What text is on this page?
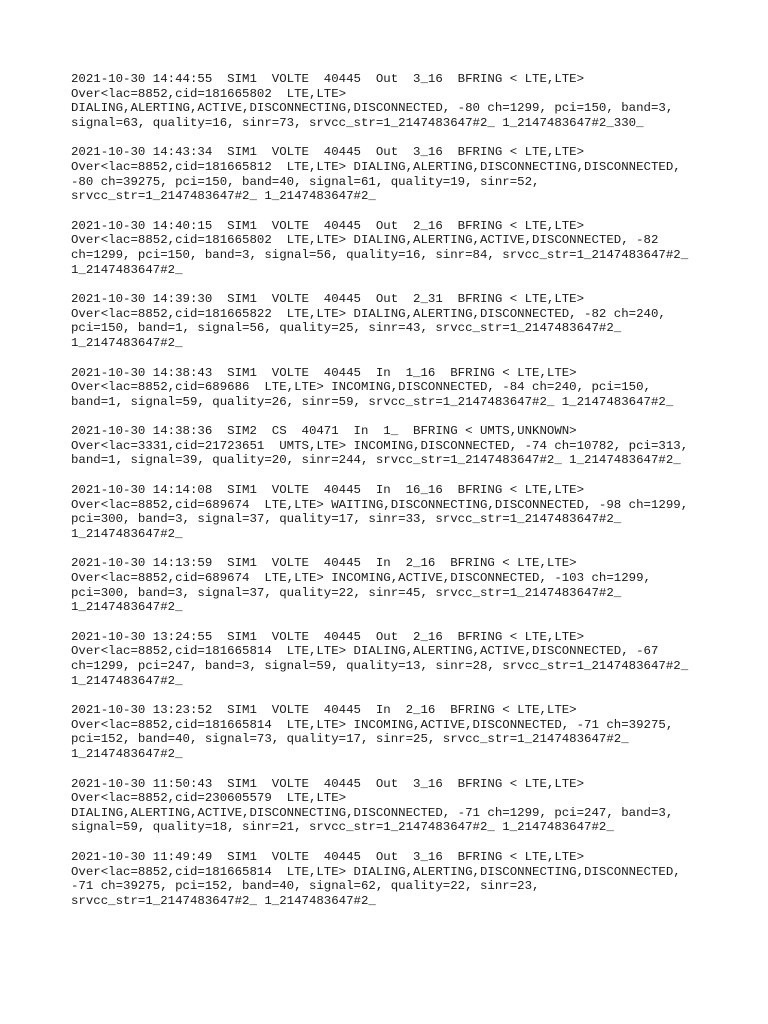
2021-10-30 14:44:55  SIM1  VOLTE  40445  Out  3_16  BFRING < LTE,LTE>
Over<lac=8852,cid=181665802  LTE,LTE>
DIALING,ALERTING,ACTIVE,DISCONNECTING,DISCONNECTED, -80 ch=1299, pci=150, band=3,
signal=63, quality=16, sinr=73, srvcc_str=1_2147483647#2_ 1_2147483647#2_330_
2021-10-30 14:43:34  SIM1  VOLTE  40445  Out  3_16  BFRING < LTE,LTE>
Over<lac=8852,cid=181665812  LTE,LTE> DIALING,ALERTING,DISCONNECTING,DISCONNECTED,
-80 ch=39275, pci=150, band=40, signal=61, quality=19, sinr=52,
srvcc_str=1_2147483647#2_ 1_2147483647#2_
2021-10-30 14:40:15  SIM1  VOLTE  40445  Out  2_16  BFRING < LTE,LTE>
Over<lac=8852,cid=181665802  LTE,LTE> DIALING,ALERTING,ACTIVE,DISCONNECTED, -82
ch=1299, pci=150, band=3, signal=56, quality=16, sinr=84, srvcc_str=1_2147483647#2_
1_2147483647#2_
2021-10-30 14:39:30  SIM1  VOLTE  40445  Out  2_31  BFRING < LTE,LTE>
Over<lac=8852,cid=181665822  LTE,LTE> DIALING,ALERTING,DISCONNECTED, -82 ch=240,
pci=150, band=1, signal=56, quality=25, sinr=43, srvcc_str=1_2147483647#2_
1_2147483647#2_
2021-10-30 14:38:43  SIM1  VOLTE  40445  In  1_16  BFRING < LTE,LTE>
Over<lac=8852,cid=689686  LTE,LTE> INCOMING,DISCONNECTED, -84 ch=240, pci=150,
band=1, signal=59, quality=26, sinr=59, srvcc_str=1_2147483647#2_ 1_2147483647#2_
2021-10-30 14:38:36  SIM2  CS  40471  In  1_  BFRING < UMTS,UNKNOWN>
Over<lac=3331,cid=21723651  UMTS,LTE> INCOMING,DISCONNECTED, -74 ch=10782, pci=313,
band=1, signal=39, quality=20, sinr=244, srvcc_str=1_2147483647#2_ 1_2147483647#2_
2021-10-30 14:14:08  SIM1  VOLTE  40445  In  16_16  BFRING < LTE,LTE>
Over<lac=8852,cid=689674  LTE,LTE> WAITING,DISCONNECTING,DISCONNECTED, -98 ch=1299,
pci=300, band=3, signal=37, quality=17, sinr=33, srvcc_str=1_2147483647#2_
1_2147483647#2_
2021-10-30 14:13:59  SIM1  VOLTE  40445  In  2_16  BFRING < LTE,LTE>
Over<lac=8852,cid=689674  LTE,LTE> INCOMING,ACTIVE,DISCONNECTED, -103 ch=1299,
pci=300, band=3, signal=37, quality=22, sinr=45, srvcc_str=1_2147483647#2_
1_2147483647#2_
2021-10-30 13:24:55  SIM1  VOLTE  40445  Out  2_16  BFRING < LTE,LTE>
Over<lac=8852,cid=181665814  LTE,LTE> DIALING,ALERTING,ACTIVE,DISCONNECTED, -67
ch=1299, pci=247, band=3, signal=59, quality=13, sinr=28, srvcc_str=1_2147483647#2_
1_2147483647#2_
2021-10-30 13:23:52  SIM1  VOLTE  40445  In  2_16  BFRING < LTE,LTE>
Over<lac=8852,cid=181665814  LTE,LTE> INCOMING,ACTIVE,DISCONNECTED, -71 ch=39275,
pci=152, band=40, signal=73, quality=17, sinr=25, srvcc_str=1_2147483647#2_
1_2147483647#2_
2021-10-30 11:50:43  SIM1  VOLTE  40445  Out  3_16  BFRING < LTE,LTE>
Over<lac=8852,cid=230605579  LTE,LTE>
DIALING,ALERTING,ACTIVE,DISCONNECTING,DISCONNECTED, -71 ch=1299, pci=247, band=3,
signal=59, quality=18, sinr=21, srvcc_str=1_2147483647#2_ 1_2147483647#2_
2021-10-30 11:49:49  SIM1  VOLTE  40445  Out  3_16  BFRING < LTE,LTE>
Over<lac=8852,cid=181665814  LTE,LTE> DIALING,ALERTING,DISCONNECTING,DISCONNECTED,
-71 ch=39275, pci=152, band=40, signal=62, quality=22, sinr=23,
srvcc_str=1_2147483647#2_ 1_2147483647#2_
